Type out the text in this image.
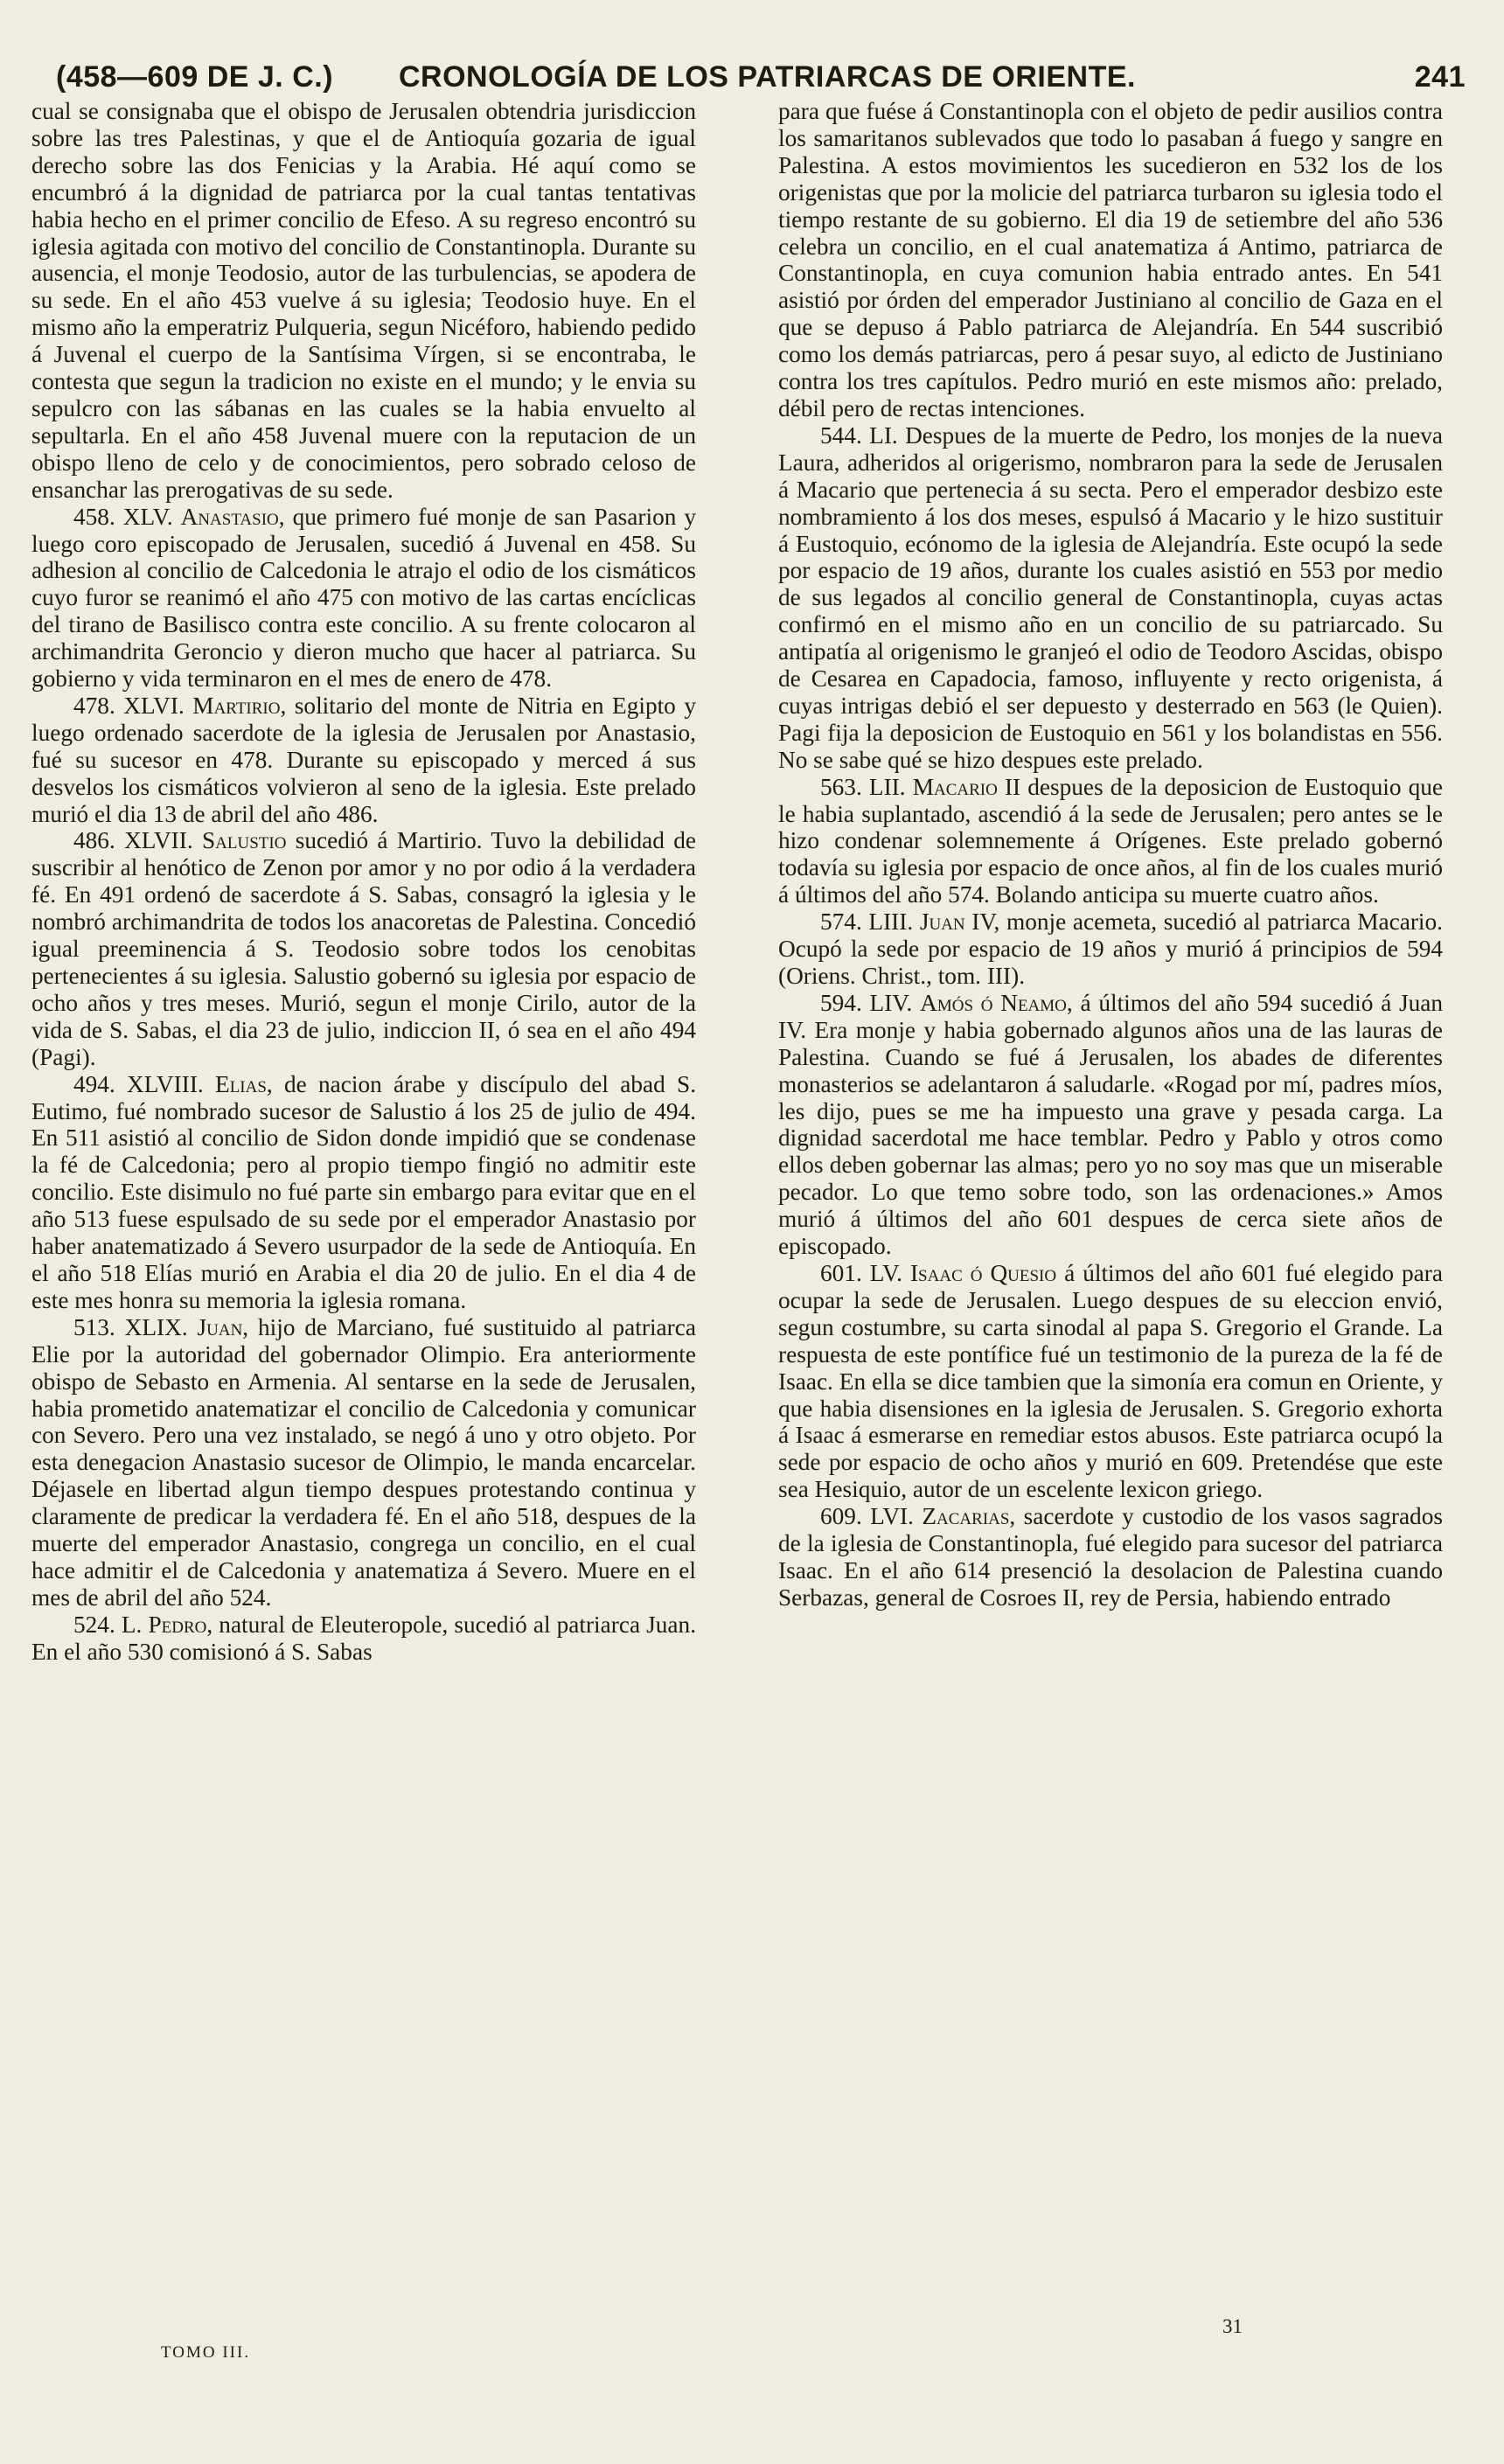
(458—609 DE J. C.) CRONOLOGÍA DE LOS PATRIARCAS DE ORIENTE.	241

cual se consignaba que el obispo de Jerusalen obtendria jurisdiccion sobre las tres Palestinas, y que el de Antioquía gozaria de igual derecho sobre las dos Fenicias y la Arabia. Hé aquí como se encumbró á la dignidad de patriarca por la cual tantas tentativas habia hecho en el primer concilio de Efeso. A su regreso encontró su iglesia agitada con motivo del concilio de Constantinopla. Durante su ausencia, el monje Teodosio, autor de las turbulencias, se apodera de su sede. En el año 453 vuelve á su iglesia; Teodosio huye. En el mismo año la emperatriz Pulqueria, segun Nicéforo, habiendo pedido á Juvenal el cuerpo de la Santísima Vírgen, si se encontraba, le contesta que segun la tradicion no existe en el mundo; y le envia su sepulcro con las sábanas en las cuales se la habia envuelto al sepultarla. En el año 458 Juvenal muere con la reputacion de un obispo lleno de celo y de conocimientos, pero sobrado celoso de ensanchar las prerogativas de su sede.

458. XLV. Anastasio, que primero fué monje de san Pasarion y luego coro episcopado de Jerusalen, sucedió á Juvenal en 458. Su adhesion al concilio de Calcedonia le atrajo el odio de los cismáticos cuyo furor se reanimó el año 475 con motivo de las cartas encíclicas del tirano de Basilisco contra este concilio. A su frente colocaron al archimandrita Geroncio y dieron mucho que hacer al patriarca. Su gobierno y vida terminaron en el mes de enero de 478.

478. XLVI. Martirio, solitario del monte de Nitria en Egipto y luego ordenado sacerdote de la iglesia de Jerusalen por Anastasio, fué su sucesor en 478. Durante su episcopado y merced á sus desvelos los cismáticos volvieron al seno de la iglesia. Este prelado murió el dia 13 de abril del año 486.

486. XLVII. Salustio sucedió á Martirio. Tuvo la debilidad de suscribir al henótico de Zenon por amor y no por odio á la verdadera fé. En 491 ordenó de sacerdote á S. Sabas, consagró la iglesia y le nombró archimandrita de todos los anacoretas de Palestina. Concedió igual preeminencia á S. Teodosio sobre todos los cenobitas pertenecientes á su iglesia. Salustio gobernó su iglesia por espacio de ocho años y tres meses. Murió, segun el monje Cirilo, autor de la vida de S. Sabas, el dia 23 de julio, indiccion II, ó sea en el año 494 (Pagi).

494. XLVIII. Elias, de nacion árabe y discípulo del abad S. Eutimo, fué nombrado sucesor de Salustio á los 25 de julio de 494. En 511 asistió al concilio de Sidon donde impidió que se condenase la fé de Calcedonia; pero al propio tiempo fingió no admitir este concilio. Este disimulo no fué parte sin embargo para evitar que en el año 513 fuese espulsado de su sede por el emperador Anastasio por haber anatematizado á Severo usurpador de la sede de Antioquía. En el año 518 Elías murió en Arabia el dia 20 de julio. En el dia 4 de este mes honra su memoria la iglesia romana.

513. XLIX. Juan, hijo de Marciano, fué sustituido al patriarca Elie por la autoridad del gobernador Olimpio. Era anteriormente obispo de Sebasto en Armenia. Al sentarse en la sede de Jerusalen, habia prometido anatematizar el concilio de Calcedonia y comunicar con Severo. Pero una vez instalado, se negó á uno y otro objeto. Por esta denegacion Anastasio sucesor de Olimpio, le manda encarcelar. Déjasele en libertad algun tiempo despues protestando continua y claramente de predicar la verdadera fé. En el año 518, despues de la muerte del emperador Anastasio, congrega un concilio, en el cual hace admitir el de Calcedonia y anatematiza á Severo. Muere en el mes de abril del año 524.

524. L. Pedro, natural de Eleuteropole, sucedió al patriarca Juan. En el año 530 comisionó á S. Sabas

para que fuése á Constantinopla con el objeto de pedir ausilios contra los samaritanos sublevados que todo lo pasaban á fuego y sangre en Palestina. A estos movimientos les sucedieron en 532 los de los origenistas que por la molicie del patriarca turbaron su iglesia todo el tiempo restante de su gobierno. El dia 19 de setiembre del año 536 celebra un concilio, en el cual anatematiza á Antimo, patriarca de Constantinopla, en cuya comunion habia entrado antes. En 541 asistió por órden del emperador Justiniano al concilio de Gaza en el que se depuso á Pablo patriarca de Alejandría. En 544 suscribió como los demás patriarcas, pero á pesar suyo, al edicto de Justiniano contra los tres capítulos. Pedro murió en este mismos año: prelado, débil pero de rectas intenciones.

544. LI. Despues de la muerte de Pedro, los monjes de la nueva Laura, adheridos al origerismo, nombraron para la sede de Jerusalen á Macario que pertenecia á su secta. Pero el emperador desbizo este nombramiento á los dos meses, espulsó á Macario y le hizo sustituir á Eustoquio, ecónomo de la iglesia de Alejandría. Este ocupó la sede por espacio de 19 años, durante los cuales asistió en 553 por medio de sus legados al concilio general de Constantinopla, cuyas actas confirmó en el mismo año en un concilio de su patriarcado. Su antipatía al origenismo le granjeó el odio de Teodoro Ascidas, obispo de Cesarea en Capadocia, famoso, influyente y recto origenista, á cuyas intrigas debió el ser depuesto y desterrado en 563 (le Quien). Pagi fija la deposicion de Eustoquio en 561 y los bolandistas en 556. No se sabe qué se hizo despues este prelado.

563. LII. Macario II despues de la deposicion de Eustoquio que le habia suplantado, ascendió á la sede de Jerusalen; pero antes se le hizo condenar solemnemente á Orígenes. Este prelado gobernó todavía su iglesia por espacio de once años, al fin de los cuales murió á últimos del año 574. Bolando anticipa su muerte cuatro años.

574. LIII. Juan IV, monje acemeta, sucedió al patriarca Macario. Ocupó la sede por espacio de 19 años y murió á principios de 594 (Oriens. Christ., tom. III).

594. LIV. Amós ó Neamo, á últimos del año 594 sucedió á Juan IV. Era monje y habia gobernado algunos años una de las lauras de Palestina. Cuando se fué á Jerusalen, los abades de diferentes monasterios se adelantaron á saludarle. «Rogad por mí, padres míos, les dijo, pues se me ha impuesto una grave y pesada carga. La dignidad sacerdotal me hace temblar. Pedro y Pablo y otros como ellos deben gobernar las almas; pero yo no soy mas que un miserable pecador. Lo que temo sobre todo, son las ordenaciones.» Amos murió á últimos del año 601 despues de cerca siete años de episcopado.

601. LV. Isaac ó Quesio á últimos del año 601 fué elegido para ocupar la sede de Jerusalen. Luego despues de su eleccion envió, segun costumbre, su carta sinodal al papa S. Gregorio el Grande. La respuesta de este pontífice fué un testimonio de la pureza de la fé de Isaac. En ella se dice tambien que la simonía era comun en Oriente, y que habia disensiones en la iglesia de Jerusalen. S. Gregorio exhorta á Isaac á esmerarse en remediar estos abusos. Este patriarca ocupó la sede por espacio de ocho años y murió en 609. Pretendése que este sea Hesiquio, autor de un escelente lexicon griego.

609. LVI. Zacarias, sacerdote y custodio de los vasos sagrados de la iglesia de Constantinopla, fué elegido para sucesor del patriarca Isaac. En el año 614 presenció la desolacion de Palestina cuando Serbazas, general de Cosroes II, rey de Persia, habiendo entrado

TOMO III.
31
